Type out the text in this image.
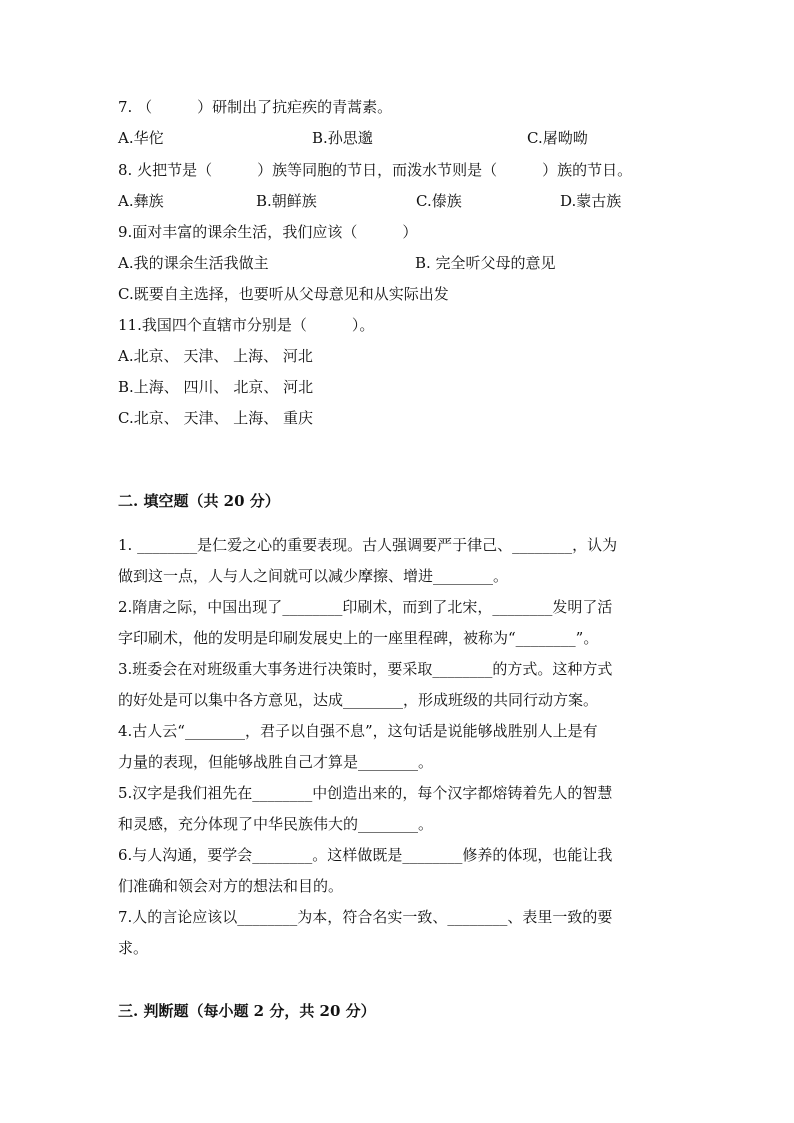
7. （　　　）研制出了抗疟疾的青蒿素。
A.华佗	B.孙思邈	C.屠呦呦
8. 火把节是（　　　）族等同胞的节日，而泼水节则是（　　　）族的节日。
A.彝族	B.朝鲜族	C.傣族	D.蒙古族
9.面对丰富的课余生活，我们应该（　　　）
A.我的课余生活我做主	B. 完全听父母的意见
C.既要自主选择，也要听从父母意见和从实际出发
11.我国四个直辖市分别是（　　　）。
A.北京、 天津、 上海、 河北
B.上海、 四川、 北京、 河北
C.北京、 天津、 上海、 重庆
二. 填空题（共 20 分）
1. ________是仁爱之心的重要表现。古人强调要严于律己、________，认为
做到这一点，人与人之间就可以减少摩擦、增进________。
2.隋唐之际，中国出现了________印刷术，而到了北宋，________发明了活
字印刷术，他的发明是印刷发展史上的一座里程碑，被称为“________”。
3.班委会在对班级重大事务进行决策时，要采取________的方式。这种方式
的好处是可以集中各方意见，达成________，形成班级的共同行动方案。
4.古人云“________，君子以自强不息”，这句话是说能够战胜别人上是有
力量的表现，但能够战胜自己才算是________。
5.汉字是我们祖先在________中创造出来的，每个汉字都熔铸着先人的智慧
和灵感，充分体现了中华民族伟大的________。
6.与人沟通，要学会________。这样做既是________修养的体现，也能让我
们准确和领会对方的想法和目的。
7.人的言论应该以________为本，符合名实一致、________、表里一致的要
求。
三. 判断题（每小题 2 分，共 20 分）
